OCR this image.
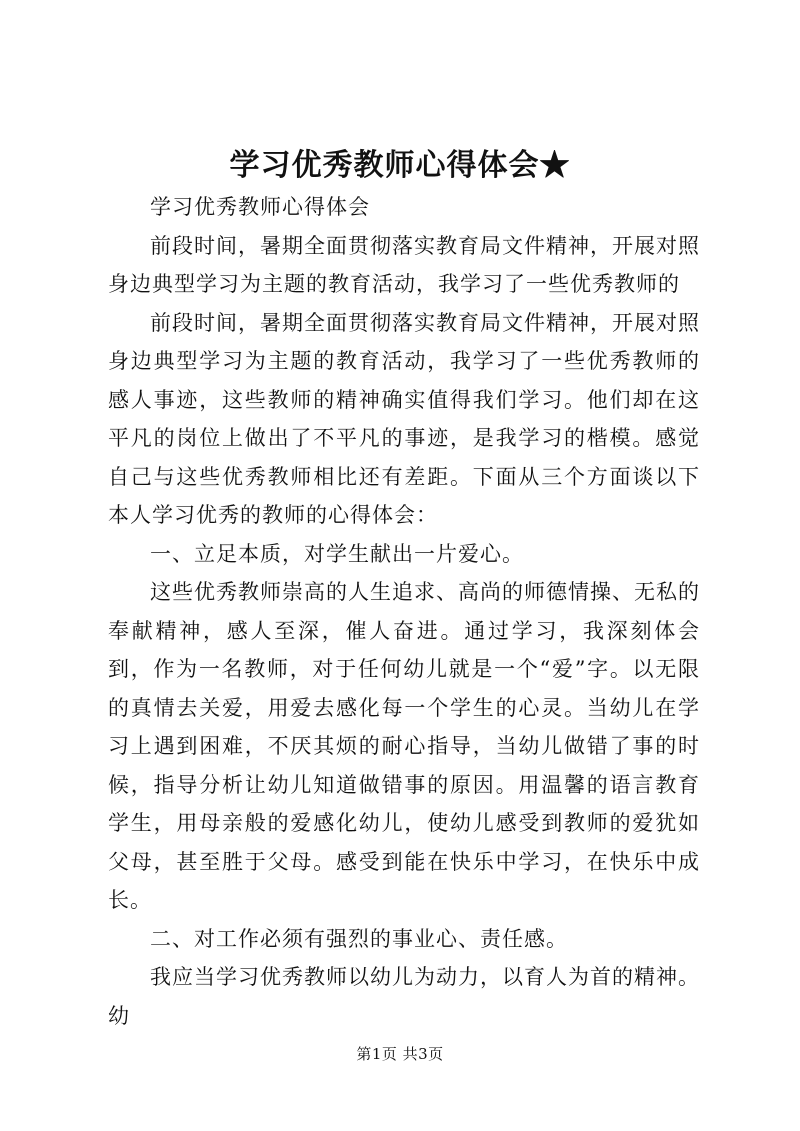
学习优秀教师心得体会★

学习优秀教师心得体会

前段时间，暑期全面贯彻落实教育局文件精神，开展对照身边典型学习为主题的教育活动，我学习了一些优秀教师的

前段时间，暑期全面贯彻落实教育局文件精神，开展对照身边典型学习为主题的教育活动，我学习了一些优秀教师的感人事迹，这些教师的精神确实值得我们学习。他们却在这平凡的岗位上做出了不平凡的事迹，是我学习的楷模。感觉自己与这些优秀教师相比还有差距。下面从三个方面谈以下本人学习优秀的教师的心得体会：

一、立足本质，对学生献出一片爱心。

这些优秀教师崇高的人生追求、高尚的师德情操、无私的奉献精神，感人至深，催人奋进。通过学习，我深刻体会到，作为一名教师，对于任何幼儿就是一个“爱”字。以无限的真情去关爱，用爱去感化每一个学生的心灵。当幼儿在学习上遇到困难，不厌其烦的耐心指导，当幼儿做错了事的时候，指导分析让幼儿知道做错事的原因。用温馨的语言教育学生，用母亲般的爱感化幼儿，使幼儿感受到教师的爱犹如父母，甚至胜于父母。感受到能在快乐中学习，在快乐中成长。

二、对工作必须有强烈的事业心、责任感。

我应当学习优秀教师以幼儿为动力，以育人为首的精神。幼

第1页 共3页
